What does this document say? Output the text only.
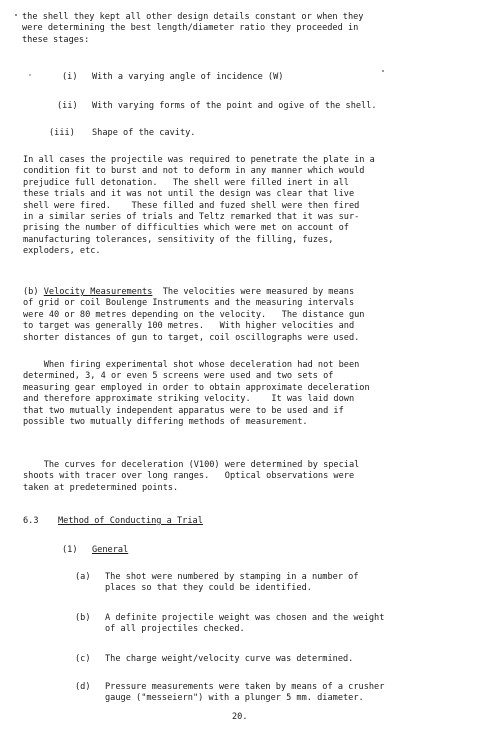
the shell they kept all other design details constant or when they
were determining the best length/diameter ratio they proceeded in
these stages:
(i) With a varying angle of incidence (W)
(ii) With varying forms of the point and ogive of the shell.
(iii) Shape of the cavity.
In all cases the projectile was required to penetrate the plate in a
condition fit to burst and not to deform in any manner which would
prejudice full detonation.   The shell were filled inert in all
these trials and it was not until the design was clear that live
shell were fired.    These filled and fuzed shell were then fired
in a similar series of trials and Teltz remarked that it was sur-
prising the number of difficulties which were met on account of
manufacturing tolerances, sensitivity of the filling, fuzes,
exploders, etc.
(b) Velocity Measurements  The velocities were measured by means
of grid or coil Boulenge Instruments and the measuring intervals
were 40 or 80 metres depending on the velocity.   The distance gun
to target was generally 100 metres.   With higher velocities and
shorter distances of gun to target, coil oscillographs were used.
When firing experimental shot whose deceleration had not been
determined, 3, 4 or even 5 screens were used and two sets of
measuring gear employed in order to obtain approximate deceleration
and therefore approximate striking velocity.    It was laid down
that two mutually independent apparatus were to be used and if
possible two mutually differing methods of measurement.
The curves for deceleration (V100) were determined by special
shoots with tracer over long ranges.   Optical observations were
taken at predetermined points.
6.3 Method of Conducting a Trial
(1) General
(a) The shot were numbered by stamping in a number of
places so that they could be identified.
(b) A definite projectile weight was chosen and the weight
of all projectiles checked.
(c) The charge weight/velocity curve was determined.
(d) Pressure measurements were taken by means of a crusher
gauge ("messeiern") with a plunger 5 mm. diameter.
20.
